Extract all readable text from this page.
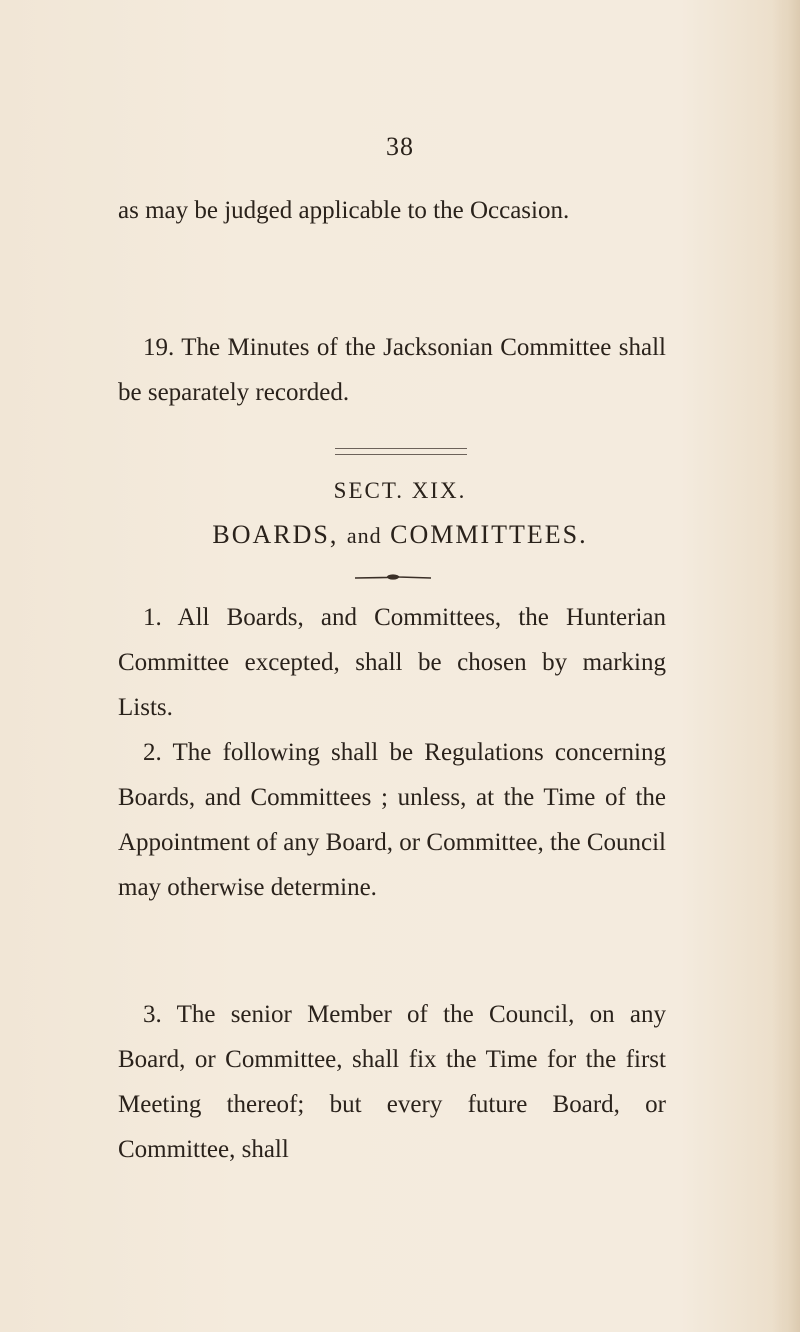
38

as may be judged applicable to the Occasion.

19. The Minutes of the Jacksonian Committee shall be separately recorded.

SECT. XIX.
BOARDS, and COMMITTEES.

1. All Boards, and Committees, the Hunterian Committee excepted, shall be chosen by marking Lists.

2. The following shall be Regulations concerning Boards, and Committees ; unless, at the Time of the Appointment of any Board, or Committee, the Council may otherwise determine.

3. The senior Member of the Council, on any Board, or Committee, shall fix the Time for the first Meeting thereof; but every future Board, or Committee, shall
